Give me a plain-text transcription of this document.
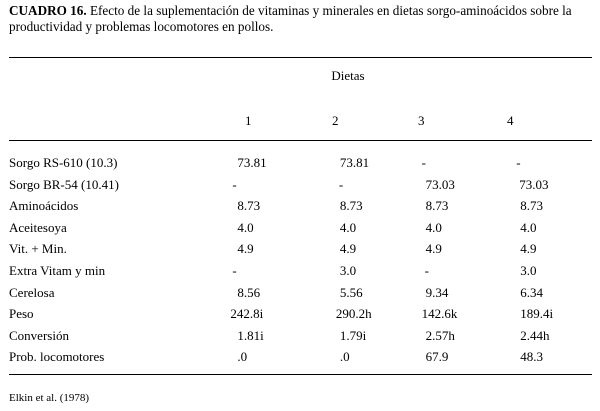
CUADRO 16. Efecto de la suplementación de vitaminas y minerales en dietas sorgo-aminoácidos sobre la productividad y problemas locomotores en pollos.
Dietas
1	2	3	4
Sorgo RS-610 (10.3)	73.81	73.81	-	-
Sorgo BR-54 (10.41)	-	-	73.03	73.03
Aminoácidos	8.73	8.73	8.73	8.73
Aceitesoya	4.0	4.0	4.0	4.0
Vit. + Min.	4.9	4.9	4.9	4.9
Extra Vitam y min	-	3.0	-	3.0
Cerelosa	8.56	5.56	9.34	6.34
Peso	242.8i	290.2h	142.6k	189.4i
Conversión	1.81i	1.79i	2.57h	2.44h
Prob. locomotores	.0	.0	67.9	48.3
Elkin et al. (1978)
